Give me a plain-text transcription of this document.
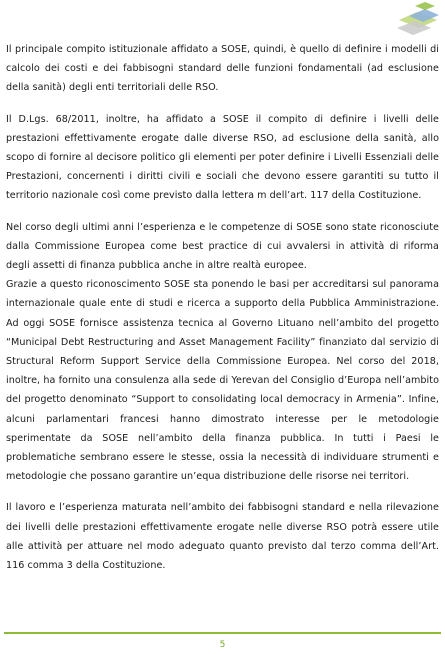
Il principale compito istituzionale affidato a SOSE, quindi, è quello di definire i modelli di calcolo dei costi e dei fabbisogni standard delle funzioni fondamentali (ad esclusione della sanità) degli enti territoriali delle RSO.

Il D.Lgs. 68/2011, inoltre, ha affidato a SOSE il compito di definire i livelli delle prestazioni effettivamente erogate dalle diverse RSO, ad esclusione della sanità, allo scopo di fornire al decisore politico gli elementi per poter definire i Livelli Essenziali delle Prestazioni, concernenti i diritti civili e sociali che devono essere garantiti su tutto il territorio nazionale così come previsto dalla lettera m dell’art. 117 della Costituzione.

Nel corso degli ultimi anni l’esperienza e le competenze di SOSE sono state riconosciute dalla Commissione Europea come best practice di cui avvalersi in attività di riforma degli assetti di finanza pubblica anche in altre realtà europee.

Grazie a questo riconoscimento SOSE sta ponendo le basi per accreditarsi sul panorama internazionale quale ente di studi e ricerca a supporto della Pubblica Amministrazione. Ad oggi SOSE fornisce assistenza tecnica al Governo Lituano nell’ambito del progetto “Municipal Debt Restructuring and Asset Management Facility” finanziato dal servizio di Structural Reform Support Service della Commissione Europea. Nel corso del 2018, inoltre, ha fornito una consulenza alla sede di Yerevan del Consiglio d’Europa nell’ambito del progetto denominato “Support to consolidating local democracy in Armenia”. Infine, alcuni parlamentari francesi hanno dimostrato interesse per le metodologie sperimentate da SOSE nell’ambito della finanza pubblica. In tutti i Paesi le problematiche sembrano essere le stesse, ossia la necessità di individuare strumenti e metodologie che possano garantire un’equa distribuzione delle risorse nei territori.

Il lavoro e l’esperienza maturata nell’ambito dei fabbisogni standard e nella rilevazione dei livelli delle prestazioni effettivamente erogate nelle diverse RSO potrà essere utile alle attività per attuare nel modo adeguato quanto previsto dal terzo comma dell’Art. 116 comma 3 della Costituzione.

5
